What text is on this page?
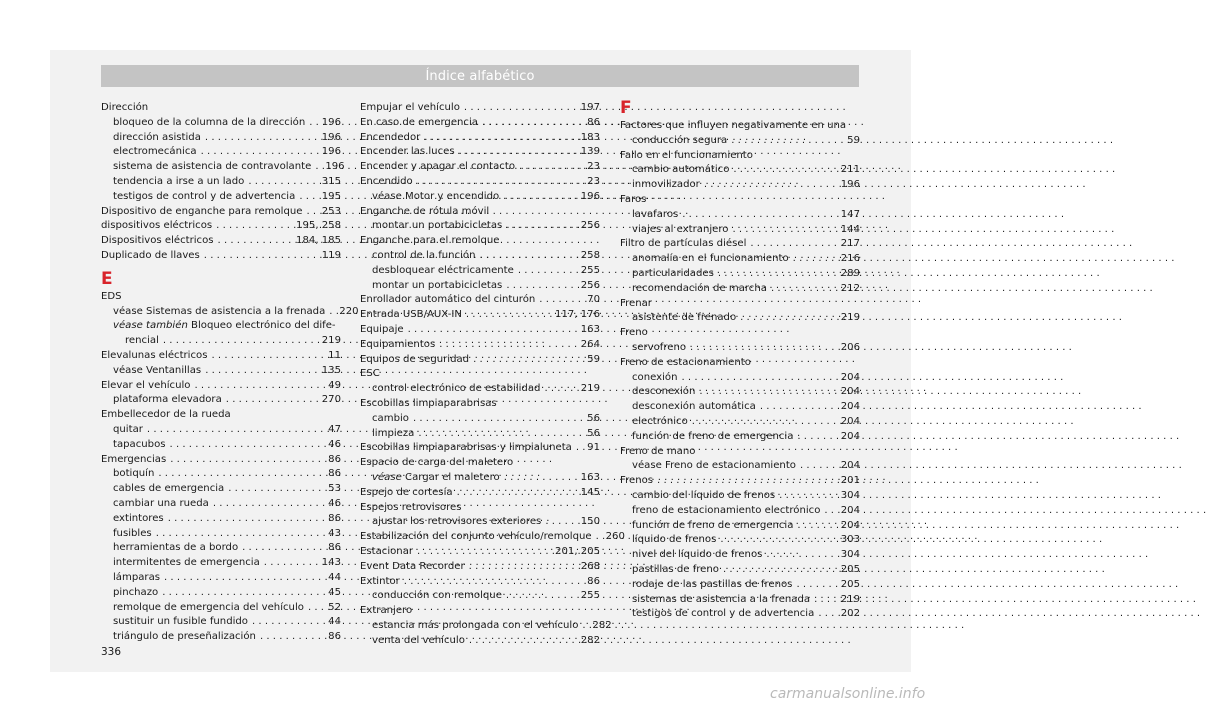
Índice alfabético
Dirección
bloqueo de la columna de la dirección . . . 196
dirección asistida . . .	196
electromecánica . . .	196
sistema de asistencia de contravolante . . . 196
tendencia a irse a un lado . . .	315
testigos de control y de advertencia . . .	195
Dispositivo de enganche para remolque . . . 253
dispositivos eléctricos . . .	195, 258
Dispositivos eléctricos . . .	184, 185
Duplicado de llaves . . .	119
E
EDS
véase Sistemas de asistencia a la frenada . . . 220
véase también Bloqueo electrónico del dife-
rencial . . .	219
Elevalunas eléctricos . . .	11
véase Ventanillas . . .	135
Elevar el vehículo . . .	49
plataforma elevadora . . .	270
Embellecedor de la rueda
quitar . . .	47
tapacubos . . .	46
Emergencias . . .	86
botiquín . . .	86
cables de emergencia . . .	53
cambiar una rueda . . .	46
extintores . . .	86
fusibles . . .	43
herramientas de a bordo . . .	86
intermitentes de emergencia . . .	143
lámparas . . .	44
pinchazo . . .	45
remolque de emergencia del vehículo . . . 52
sustituir un fusible fundido . . .	44
triángulo de preseñalización . . .	86
Empujar el vehículo . . .	197
En caso de emergencia . . .	86
Encendedor . . .	183
Encender las luces . . .	139
Encender y apagar el contacto . . .	23
Encendido . . .	23
véase Motor y encendido . . .	196
Enganche de rótula móvil
montar un portabicicletas . . .	256
Enganche para el remolque
control de la función . . .	258
desbloquear eléctricamente . . .	255
montar un portabicicletas . . .	256
Enrollador automático del cinturón . . .	70
Entrada USB/AUX-IN . . .	117, 176
Equipaje . . .	163
Equipamientos . . .	264
Equipos de seguridad . . .	59
ESC
control electrónico de estabilidad . . .	219
Escobillas limpiaparabrisas
cambio . . .	56
limpieza . . .	56
Escobillas limpiaparabrisas y limpialuneta . . . 91
Espacio de carga del maletero
véase Cargar el maletero . . .	163
Espejo de cortesía . . .	145
Espejos retrovisores
ajustar los retrovisores exteriores . . .	150
Estabilización del conjunto vehículo/remolque . . . 260
Estacionar . . .	201, 205
Event Data Recorder . . .	268
Extintor . . .	86
conducción con remolque . . .	255
Extranjero
estancia más prolongada con el vehículo . . . 282
venta del vehículo . . .	282
F
Factores que influyen negativamente en una
conducción segura . . .	59
Fallo en el funcionamiento
cambio automático . . .	211
inmovilizador . . .	196
Faros
lavafaros . . .	147
viajes al extranjero . . .	144
Filtro de partículas diésel . . .	217
anomalía en el funcionamiento . . .	216
particularidades . . .	289
recomendación de marcha . . .	212
Frenar
asistente de frenado . . .	219
Freno
servofreno . . .	206
Freno de estacionamiento
conexión . . .	204
desconexión . . .	204
desconexión automática . . .	204
electrónico . . .	204
función de freno de emergencia . . .	204
Freno de mano
véase Freno de estacionamiento . . .	204
Frenos . . .	201
cambio del líquido de frenos . . .	304
freno de estacionamiento electrónico . . . 204
función de freno de emergencia . . .	204
líquido de frenos . . .	303
nivel del líquido de frenos . . .	304
pastillas de freno . . .	205
rodaje de las pastillas de frenos . . .	205
sistemas de asistencia a la frenada . . .	219
testigos de control y de advertencia . . .	202
336
carmanualsonline.info
